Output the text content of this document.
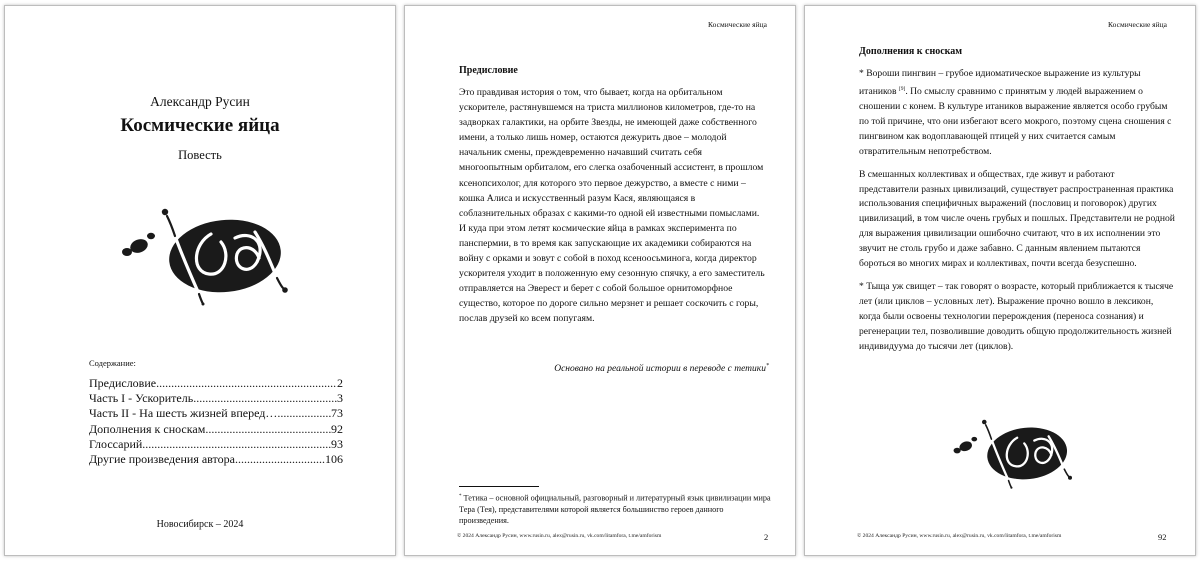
Александр Русин
Космические яйца
Повесть
Содержание:
Предисловие .....	2
Часть I - Ускоритель .....	3
Часть II - На шесть жизней вперед… .....	73
Дополнения к сноскам .....	92
Глоссарий .....	93
Другие произведения автора .....	106
Новосибирск – 2024
Космические яйца
Предисловие
Это правдивая история о том, что бывает, когда на орбитальном ускорителе, растянувшемся на триста миллионов километров, где-то на задворках галактики, на орбите Звезды, не имеющей даже собственного имени, а только лишь номер, остаются дежурить двое – молодой начальник смены, преждевременно начавший считать себя многоопытным орбиталом, его слегка озабоченный ассистент, в прошлом ксенопсихолог, для которого это первое дежурство, а вместе с ними – кошка Алиса и искусственный разум Кася, являющаяся в соблазнительных образах с какими-то одной ей известными помыслами. И куда при этом летят космические яйца в рамках эксперимента по панспермии, в то время как запускающие их академики собираются на войну с орками и зовут с собой в поход ксеноосьминога, когда директор ускорителя уходит в положенную ему сезонную спячку, а его заместитель отправляется на Эверест и берет с собой большое орнитоморфное существо, которое по дороге сильно мерзнет и решает соскочить с горы, послав друзей ко всем попугаям.
Основано на реальной истории в переводе с тетики*
* Тетика – основной официальный, разговорный и литературный язык цивилизации мира Тера (Тея), представителями которой является большинство героев данного произведения.
© 2024 Александр Русин, www.rusin.ru, alex@rusin.ru, vk.com/litamfora, t.me/amforism	2
Космические яйца
Дополнения к сноскам

* Вороши пингвин – грубое идиоматическое выражение из культуры итаников [9]. По смыслу сравнимо с принятым у людей выражением о сношении с конем. В культуре итаников выражение является особо грубым по той причине, что они избегают всего мокрого, поэтому сцена сношения с пингвином как водоплавающей птицей у них считается самым отвратительным непотребством.

В смешанных коллективах и обществах, где живут и работают представители разных цивилизаций, существует распространенная практика использования специфичных выражений (пословиц и поговорок) других цивилизаций, в том числе очень грубых и пошлых. Представители не родной для выражения цивилизации ошибочно считают, что в их исполнении это звучит не столь грубо и даже забавно. С данным явлением пытаются бороться во многих мирах и коллективах, почти всегда безуспешно.

* Тыща уж свищет – так говорят о возрасте, который приближается к тысяче лет (или циклов – условных лет). Выражение прочно вошло в лексикон, когда были освоены технологии перерождения (переноса сознания) и регенерации тел, позволившие доводить общую продолжительность жизней индивидуума до тысячи лет (циклов).

© 2024 Александр Русин, www.rusin.ru, alex@rusin.ru, vk.com/litamfora, t.me/amforism	92
